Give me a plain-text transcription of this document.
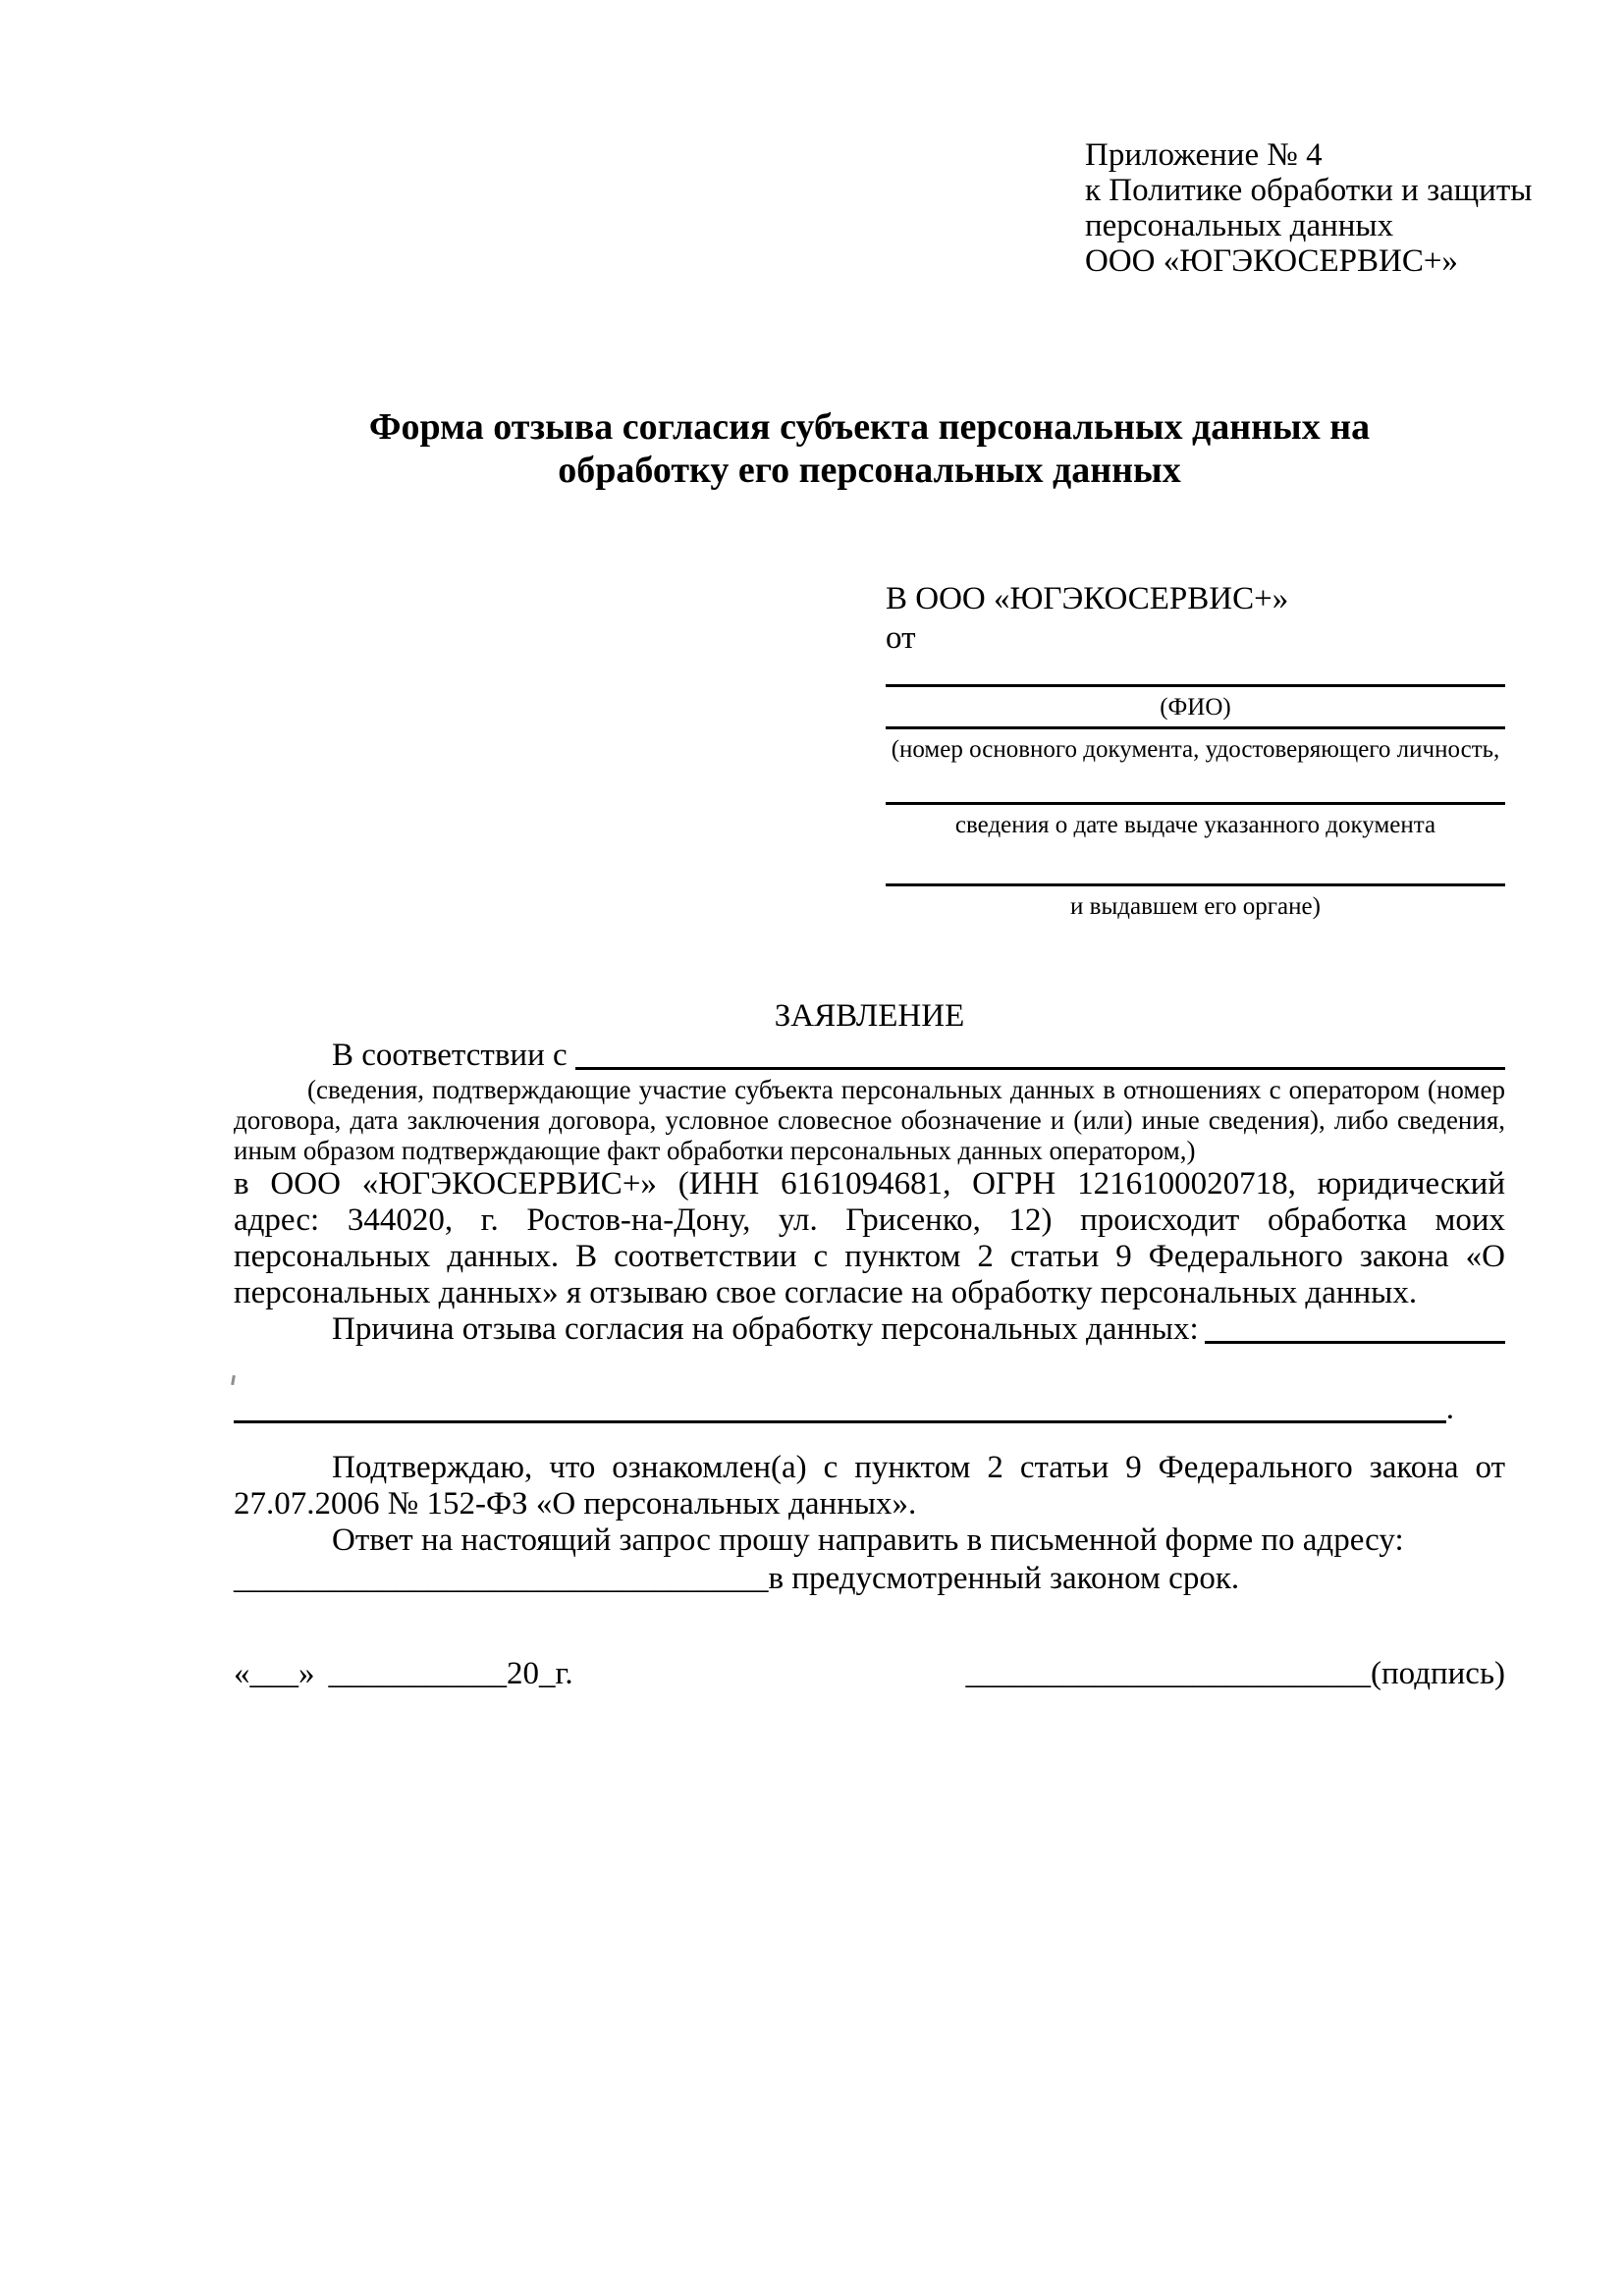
Приложение № 4
к Политике обработки и защиты
персональных данных
ООО «ЮГЭКОСЕРВИС+»
Форма отзыва согласия субъекта персональных данных на
обработку его персональных данных
В ООО «ЮГЭКОСЕРВИС+»
от
(ФИО)
(номер основного документа, удостоверяющего личность,
сведения о дате выдаче указанного документа
и выдавшем его органе)
ЗАЯВЛЕНИЕ
В соответствии с
(сведения, подтверждающие участие субъекта персональных данных в отношениях с оператором (номер договора, дата заключения договора, условное словесное обозначение и (или) иные сведения), либо сведения, иным образом подтверждающие факт обработки персональных данных оператором,)
в ООО «ЮГЭКОСЕРВИС+» (ИНН 6161094681, ОГРН 1216100020718, юридический адрес: 344020, г. Ростов-на-Дону, ул. Грисенко, 12) происходит обработка моих персональных данных. В соответствии с пунктом 2 статьи 9 Федерального закона «О персональных данных» я отзываю свое согласие на обработку персональных данных.
Причина отзыва согласия на обработку персональных данных:
.
Подтверждаю, что ознакомлен(а) с пунктом 2 статьи 9 Федерального закона от 27.07.2006 № 152-ФЗ «О персональных данных».
Ответ на настоящий запрос прошу направить в письменной форме по адресу:
_________________________________в предусмотренный законом срок.
«___» ___________20_г.	_________________________(подпись)
